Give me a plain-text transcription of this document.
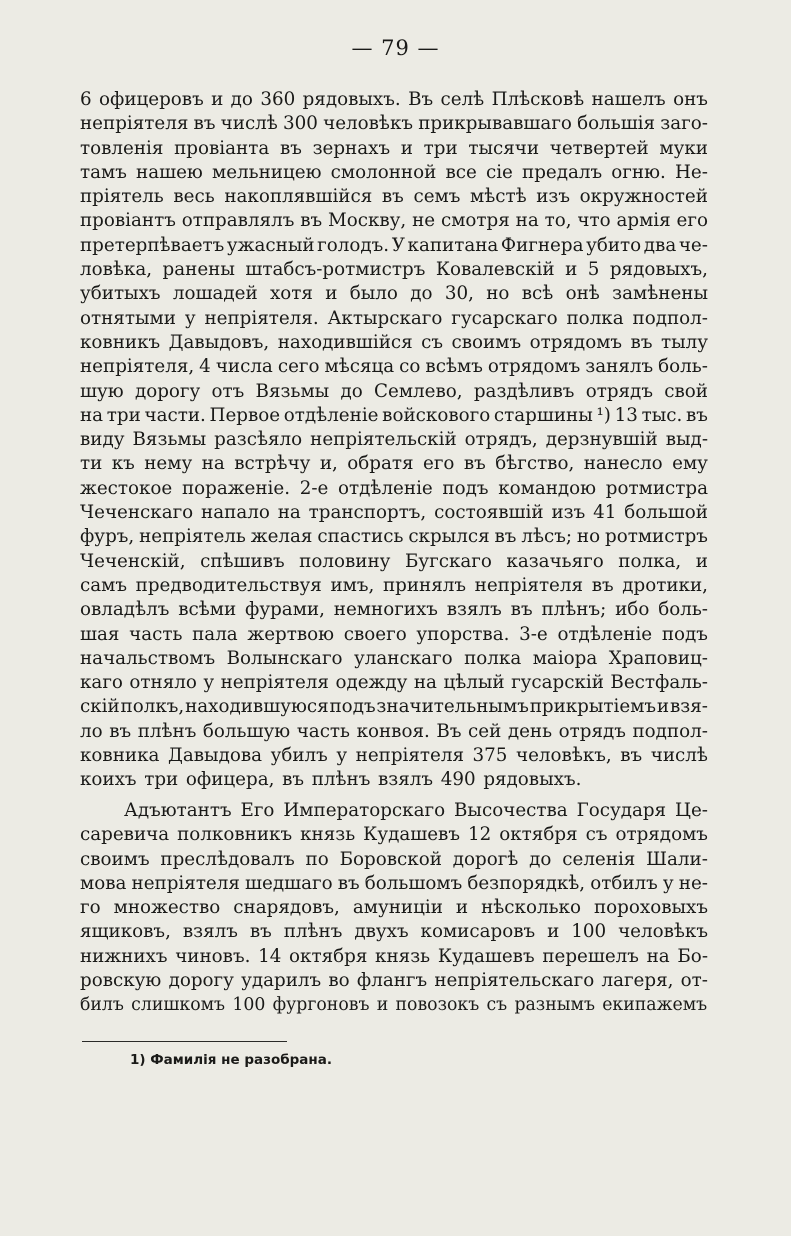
— 79 —
6 офицеровъ и до 360 рядовыхъ. Въ селѣ Плѣсковѣ нашелъ онъ
непріятеля въ числѣ 300 человѣкъ прикрывавшаго большія заго-
товленія провіанта въ зернахъ и три тысячи четвертей муки
тамъ нашею мельницею смолонной все сіе предалъ огню. Не-
пріятель весь накоплявшійся въ семъ мѣстѣ изъ окружностей
провіантъ отправлялъ въ Москву, не смотря на то, что армія его
претерпѣваетъ ужасный голодъ. У капитана Фигнера убито два че-
ловѣка, ранены штабсъ-ротмистръ Ковалевскій и 5 рядовыхъ,
убитыхъ лошадей хотя и было до 30, но всѣ онѣ замѣнены
отнятыми у непріятеля. Актырскаго гусарскаго полка подпол-
ковникъ Давыдовъ, находившійся съ своимъ отрядомъ въ тылу
непріятеля, 4 числа сего мѣсяца со всѣмъ отрядомъ занялъ боль-
шую дорогу отъ Вязьмы до Семлево, раздѣливъ отрядъ свой
на три части. Первое отдѣленіе войскового старшины ¹) 13 тыс. въ
виду Вязьмы разсѣяло непріятельскій отрядъ, дерзнувшій выд-
ти къ нему на встрѣчу и, обратя его въ бѣгство, нанесло ему
жестокое пораженіе. 2-е отдѣленіе подъ командою ротмистра
Чеченскаго напало на транспортъ, состоявшій изъ 41 большой
фуръ, непріятель желая спастись скрылся въ лѣсъ; но ротмистръ
Чеченскій, спѣшивъ половину Бугскаго казачьяго полка, и
самъ предводительствуя имъ, принялъ непріятеля въ дротики,
овладѣлъ всѣми фурами, немногихъ взялъ въ плѣнъ; ибо боль-
шая часть пала жертвою своего упорства. 3-е отдѣленіе подъ
начальствомъ Волынскаго уланскаго полка маіора Храповиц-
каго отняло у непріятеля одежду на цѣлый гусарскій Вестфаль-
скій полкъ, находившуюся подъ значительнымъ прикрытіемъ и взя-
ло въ плѣнъ большую часть конвоя. Въ сей день отрядъ подпол-
ковника Давыдова убилъ у непріятеля 375 человѣкъ, въ числѣ
коихъ три офицера, въ плѣнъ взялъ 490 рядовыхъ.
Адъютантъ Его Императорскаго Высочества Государя Це-
саревича полковникъ князь Кудашевъ 12 октября съ отрядомъ
своимъ преслѣдовалъ по Боровской дорогѣ до селенія Шали-
мова непріятеля шедшаго въ большомъ безпорядкѣ, отбилъ у не-
го множество снарядовъ, амуниціи и нѣсколько пороховыхъ
ящиковъ, взялъ въ плѣнъ двухъ комисаровъ и 100 человѣкъ
нижнихъ чиновъ. 14 октября князь Кудашевъ перешелъ на Бо-
ровскую дорогу ударилъ во флангъ непріятельскаго лагеря, от-
билъ слишкомъ 100 фургоновъ и повозокъ съ разнымъ екипажемъ
1) Фамилія не разобрана.
